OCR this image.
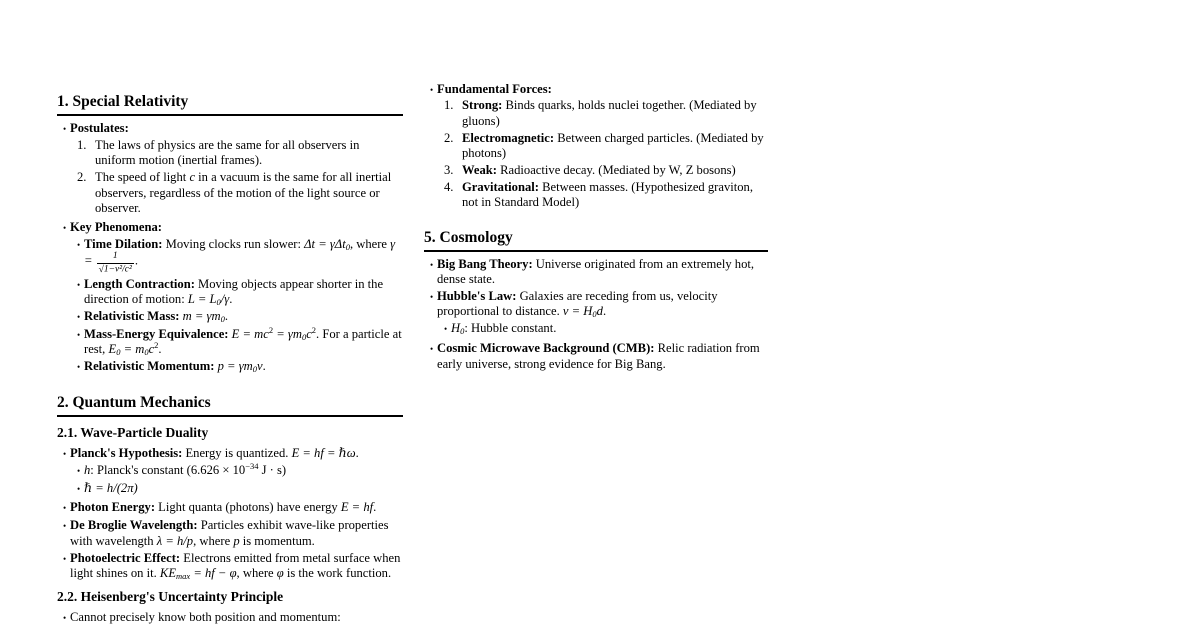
1. Special Relativity
• Postulates:
1. The laws of physics are the same for all observers in uniform motion (inertial frames).
2. The speed of light c in a vacuum is the same for all inertial observers, regardless of the motion of the light source or observer.
• Key Phenomena:
• Time Dilation: Moving clocks run slower: Δt = γΔt0, where $\gamma = \frac{1}{\text{√1−v²/c²}}$ .
• Length Contraction: Moving objects appear shorter in the direction of motion: L = L0/γ.
• Relativistic Mass: m = γm0.
• Mass-Energy Equivalence: $E = mc^2 = \gamma m0c^2$. For a particle at rest, $E0 = m0c^2$.
• Relativistic Momentum: p = γm0v.
2. Quantum Mechanics
2.1. Wave-Particle Duality
• Planck's Hypothesis: Energy is quantized. E = hf = ℏω.
• h: Planck's constant ($6.626 \times 10^{-34}$ J · s)
• ℏ = h/(2π)
• Photon Energy: Light quanta (photons) have energy E = hf.
• De Broglie Wavelength: Particles exhibit wave-like properties with wavelength λ = h/p, where p is momentum.
• Photoelectric Effect: Electrons emitted from metal surface when light shines on it. KEmax = hf − φ, where φ is the work function.
2.2. Heisenberg's Uncertainty Principle
• Cannot precisely know both position and momentum:
• Fundamental Forces:
1. Strong: Binds quarks, holds nuclei together. (Mediated by gluons)
2. Electromagnetic: Between charged particles. (Mediated by photons)
3. Weak: Radioactive decay. (Mediated by W, Z bosons)
4. Gravitational: Between masses. (Hypothesized graviton, not in Standard Model)
5. Cosmology
• Big Bang Theory: Universe originated from an extremely hot, dense state.
• Hubble's Law: Galaxies are receding from us, velocity proportional to distance. v = H0d.
• H0: Hubble constant.
• Cosmic Microwave Background (CMB): Relic radiation from early universe, strong evidence for Big Bang.
